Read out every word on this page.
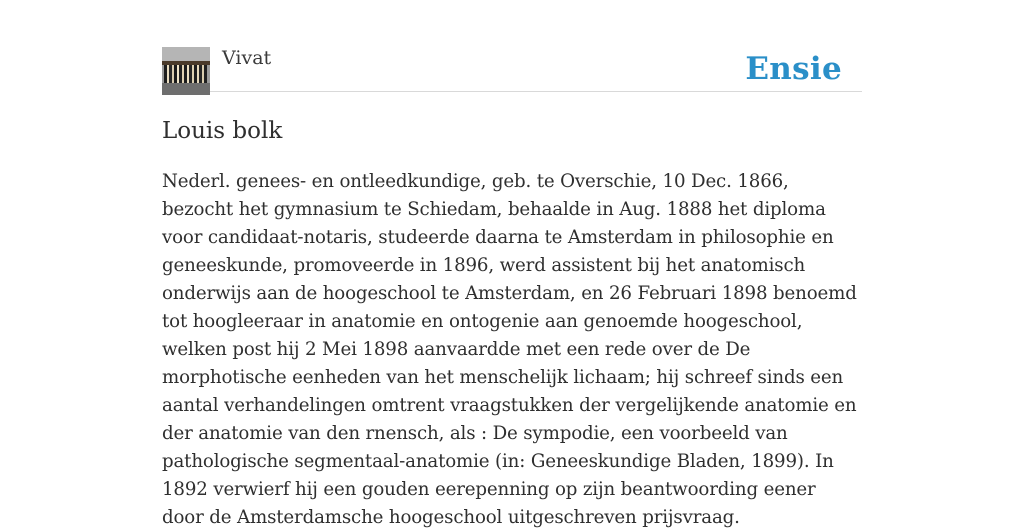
Vivat	Ensie
Louis bolk

Nederl. genees- en ontleedkundige, geb. te Overschie, 10 Dec. 1866, bezocht het gymnasium te Schiedam, behaalde in Aug. 1888 het diploma voor candidaat-notaris, studeerde daarna te Amsterdam in philosophie en geneeskunde, promoveerde in 1896, werd assistent bij het anatomisch onderwijs aan de hoogeschool te Amsterdam, en 26 Februari 1898 benoemd tot hoogleeraar in anatomie en ontogenie aan genoemde hoogeschool, welken post hij 2 Mei 1898 aanvaardde met een rede over de De morphotische eenheden van het menschelijk lichaam; hij schreef sinds een aantal verhandelingen omtrent vraagstukken der vergelijkende anatomie en der anatomie van den rnensch, als : De sympodie, een voorbeeld van pathologische segmentaal-anatomie (in: Geneeskundige Bladen, 1899). In 1892 verwierf hij een gouden eerepenning op zijn beantwoording eener door de Amsterdamsche hoogeschool uitgeschreven prijsvraag.
